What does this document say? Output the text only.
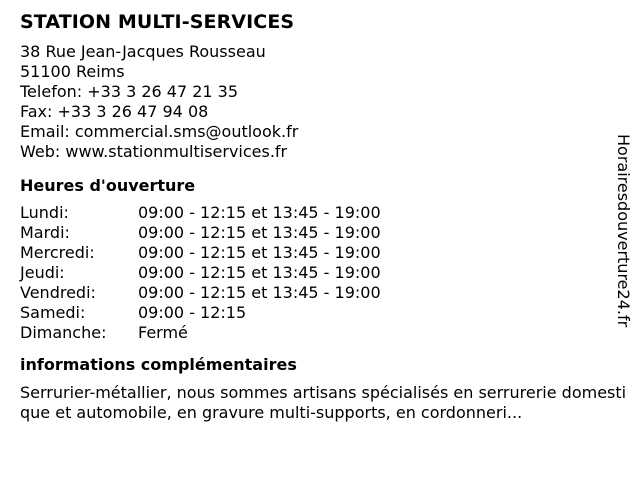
STATION MULTI-SERVICES
38 Rue Jean-Jacques Rousseau
51100 Reims
Telefon: +33 3 26 47 21 35
Fax: +33 3 26 47 94 08
Email: commercial.sms@outlook.fr
Web: www.stationmultiservices.fr
Heures d'ouverture
Lundi:	09:00 - 12:15 et 13:45 - 19:00
Mardi:	09:00 - 12:15 et 13:45 - 19:00
Mercredi:	09:00 - 12:15 et 13:45 - 19:00
Jeudi:	09:00 - 12:15 et 13:45 - 19:00
Vendredi:	09:00 - 12:15 et 13:45 - 19:00
Samedi:	09:00 - 12:15
Dimanche:	Fermé
informations complémentaires
Serrurier-métallier, nous sommes artisans spécialisés en serrurerie domestique et automobile, en gravure multi-supports, en cordonneri...
Horairesdouverture24.fr
